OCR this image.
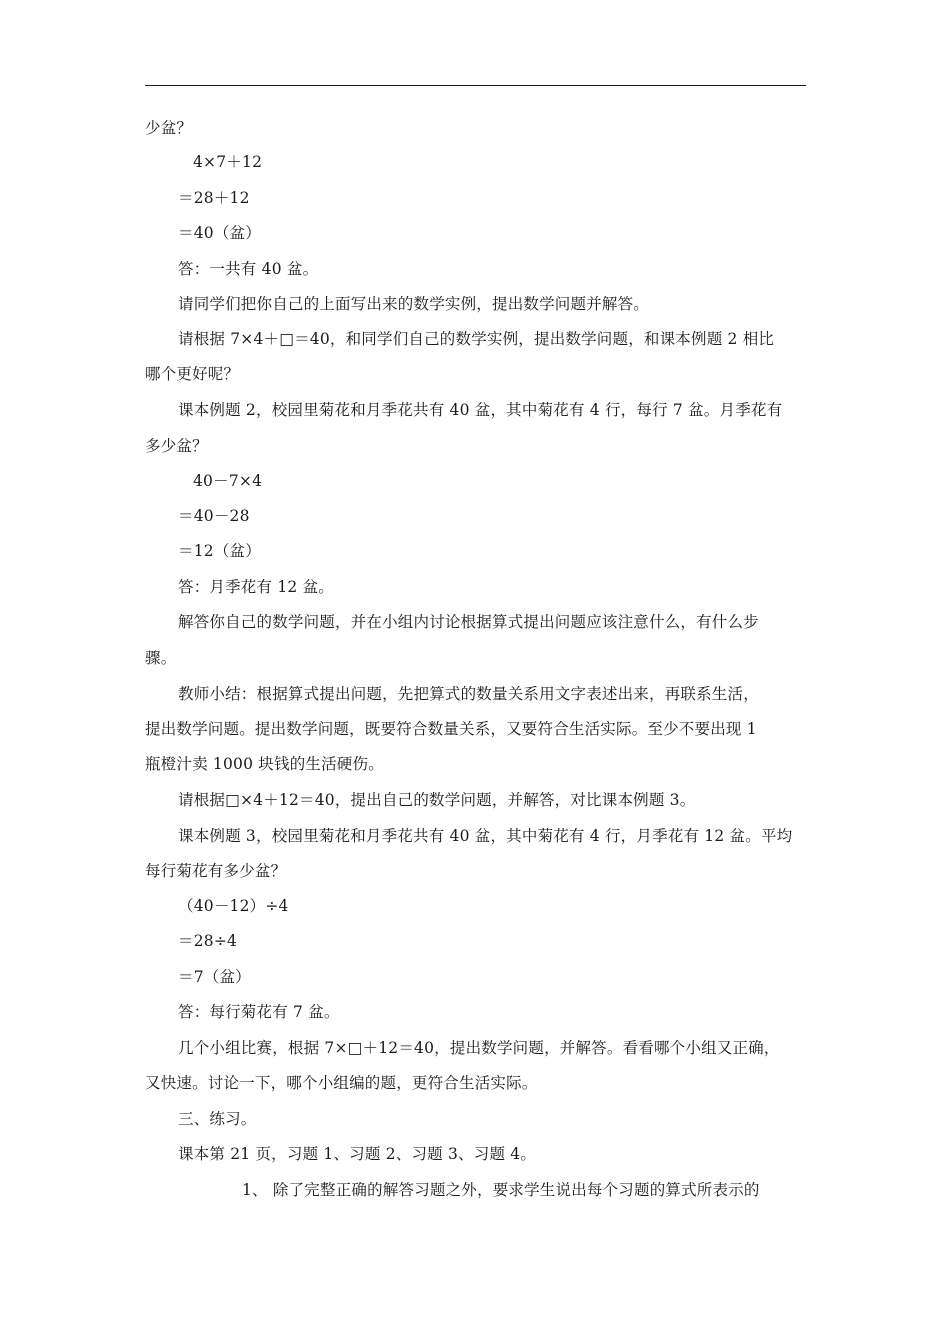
少盆？
4×7＋12
＝28＋12
＝40（盆）
答：一共有 40 盆。
请同学们把你自己的上面写出来的数学实例，提出数学问题并解答。
请根据 7×4＋□＝40，和同学们自己的数学实例，提出数学问题，和课本例题 2 相比
哪个更好呢？
课本例题 2，校园里菊花和月季花共有 40 盆，其中菊花有 4 行，每行 7 盆。月季花有
多少盆？
40－7×4
＝40－28
＝12（盆）
答：月季花有 12 盆。
解答你自己的数学问题，并在小组内讨论根据算式提出问题应该注意什么，有什么步
骤。
教师小结：根据算式提出问题，先把算式的数量关系用文字表述出来，再联系生活，
提出数学问题。提出数学问题，既要符合数量关系，又要符合生活实际。至少不要出现 1
瓶橙汁卖 1000 块钱的生活硬伤。
请根据□×4＋12＝40，提出自己的数学问题，并解答，对比课本例题 3。
课本例题 3，校园里菊花和月季花共有 40 盆，其中菊花有 4 行，月季花有 12 盆。平均
每行菊花有多少盆？
（40－12）÷4
＝28÷4
＝7（盆）
答：每行菊花有 7 盆。
几个小组比赛，根据 7×□＋12＝40，提出数学问题，并解答。看看哪个小组又正确，
又快速。讨论一下，哪个小组编的题，更符合生活实际。
三、练习。
课本第 21 页，习题 1、习题 2、习题 3、习题 4。
1、 除了完整正确的解答习题之外，要求学生说出每个习题的算式所表示的
